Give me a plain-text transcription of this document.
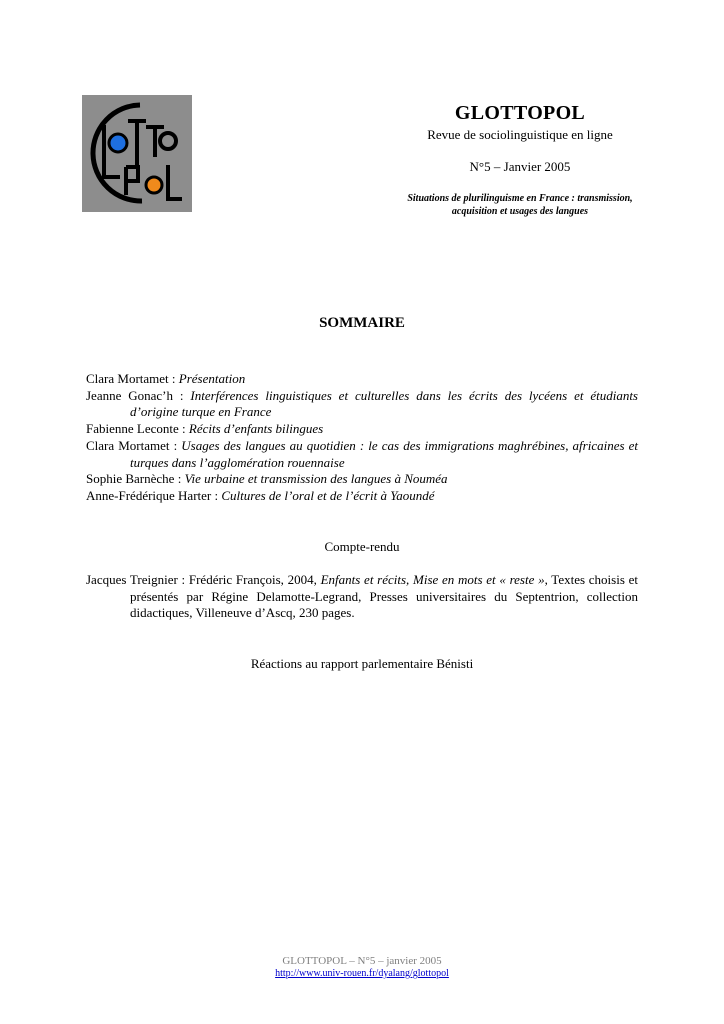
GLOTTOPOL
Revue de sociolinguistique en ligne
N°5 – Janvier 2005
Situations de plurilinguisme en France : transmission,
acquisition et usages des langues
SOMMAIRE
Clara Mortamet : Présentation
Jeanne Gonac’h : Interférences linguistiques et culturelles dans les écrits des lycéens et étudiants d’origine turque en France
Fabienne Leconte : Récits d’enfants bilingues
Clara Mortamet : Usages des langues au quotidien : le cas des immigrations maghrébines, africaines et turques dans l’agglomération rouennaise
Sophie Barnèche : Vie urbaine et transmission des langues à Nouméa
Anne-Frédérique Harter : Cultures de l’oral et de l’écrit à Yaoundé
Compte-rendu
Jacques Treignier : Frédéric François, 2004, Enfants et récits, Mise en mots et « reste », Textes choisis et présentés par Régine Delamotte-Legrand, Presses universitaires du Septentrion, collection didactiques, Villeneuve d’Ascq, 230 pages.
Réactions au rapport parlementaire Bénisti
GLOTTOPOL – N°5 – janvier 2005
http://www.univ-rouen.fr/dyalang/glottopol
